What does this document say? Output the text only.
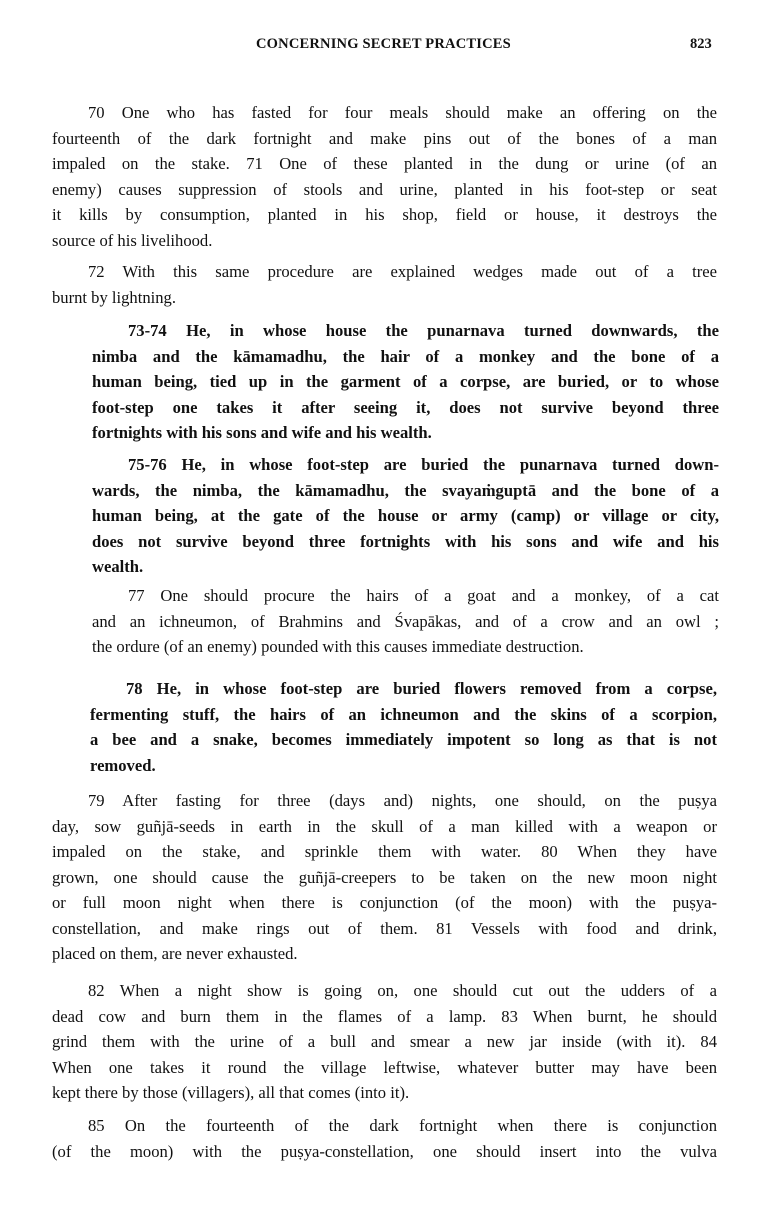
CONCERNING SECRET PRACTICES	823
70 One who has fasted for four meals should make an offering on the
fourteenth of the dark fortnight and make pins out of the bones of a man
impaled on the stake. 71 One of these planted in the dung or urine (of an
enemy) causes suppression of stools and urine, planted in his foot-step or seat
it kills by consumption, planted in his shop, field or house, it destroys the
source of his livelihood.
72 With this same procedure are explained wedges made out of a tree
burnt by lightning.
73-74 He, in whose house the punarnava turned downwards, the
nimba and the kāmamadhu, the hair of a monkey and the bone of a
human being, tied up in the garment of a corpse, are buried, or to whose
foot-step one takes it after seeing it, does not survive beyond three
fortnights with his sons and wife and his wealth.
75-76 He, in whose foot-step are buried the punarnava turned down-
wards, the nimba, the kāmamadhu, the svayaṁguptā and the bone of a
human being, at the gate of the house or army (camp) or village or city,
does not survive beyond three fortnights with his sons and wife and his
wealth.
77 One should procure the hairs of a goat and a monkey, of a cat
and an ichneumon, of Brahmins and Śvapākas, and of a crow and an owl ;
the ordure (of an enemy) pounded with this causes immediate destruction.
78 He, in whose foot-step are buried flowers removed from a corpse,
fermenting stuff, the hairs of an ichneumon and the skins of a scorpion,
a bee and a snake, becomes immediately impotent so long as that is not
removed.
79 After fasting for three (days and) nights, one should, on the puṣya
day, sow guñjā-seeds in earth in the skull of a man killed with a weapon or
impaled on the stake, and sprinkle them with water. 80 When they have
grown, one should cause the guñjā-creepers to be taken on the new moon night
or full moon night when there is conjunction (of the moon) with the puṣya-
constellation, and make rings out of them. 81 Vessels with food and drink,
placed on them, are never exhausted.
82 When a night show is going on, one should cut out the udders of a
dead cow and burn them in the flames of a lamp. 83 When burnt, he should
grind them with the urine of a bull and smear a new jar inside (with it). 84
When one takes it round the village leftwise, whatever butter may have been
kept there by those (villagers), all that comes (into it).
85 On the fourteenth of the dark fortnight when there is conjunction
(of the moon) with the puṣya-constellation, one should insert into the vulva
